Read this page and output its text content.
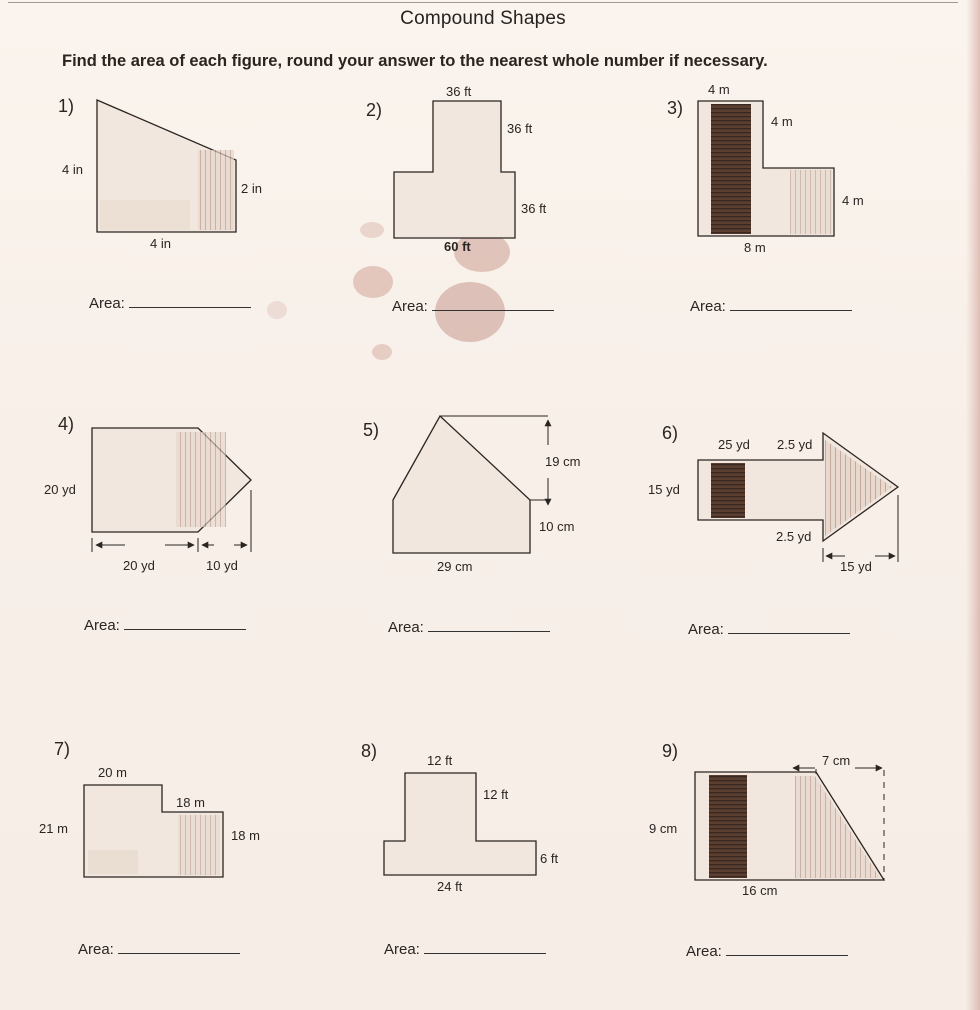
Compound Shapes
Find the area of each figure, round your answer to the nearest whole number if necessary.
1)
4 in
2 in
4 in
Area:
2)
36 ft
36 ft
36 ft
60 ft
Area:
3)
4 m
4 m
4 m
8 m
Area:
4)
20 yd
20 yd	10 yd
Area:
5)
19 cm
10 cm
29 cm
Area:
6)
25 yd 2.5 yd
15 yd
2.5 yd
15 yd
Area:
7)
20 m
18 m
21 m	18 m
Area:
8)	12 ft
12 ft
6 ft
24 ft
Area:
9)	7 cm
9 cm
16 cm
Area:
